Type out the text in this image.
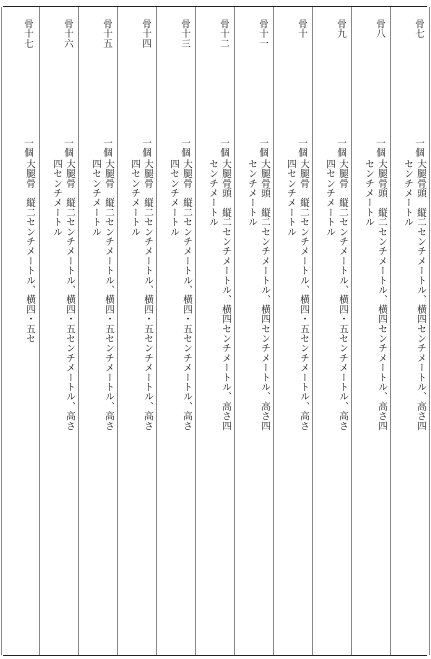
骨七
一個
大腿骨頭　縦二センチメートル、横四センチメートル、高さ四センチメートル
骨八
一個
大腿骨頭　縦二センチメートル、横四センチメートル、高さ四センチメートル
骨九
一個
大腿骨　縦二センチメートル、横四・五センチメートル、高さ四センチメートル
骨十
一個
大腿骨　縦二センチメートル、横四・五センチメートル、高さ四センチメートル
骨十一
一個
大腿骨頭　縦二センチメートル、横四センチメートル、高さ四センチメートル
骨十二
一個
大腿骨頭　縦二センチメートル、横四センチメートル、高さ四センチメートル
骨十三
一個
大腿骨　縦二センチメートル、横四・五センチメートル、高さ四センチメートル
骨十四
一個
大腿骨　縦二センチメートル、横四・五センチメートル、高さ四センチメートル
骨十五
一個
大腿骨　縦二センチメートル、横四・五センチメートル、高さ四センチメートル
骨十六
一個
大腿骨　縦二センチメートル、横四・五センチメートル、高さ四センチメートル
骨十七
一個
大腿骨　縦二センチメートル、横四・五セ
